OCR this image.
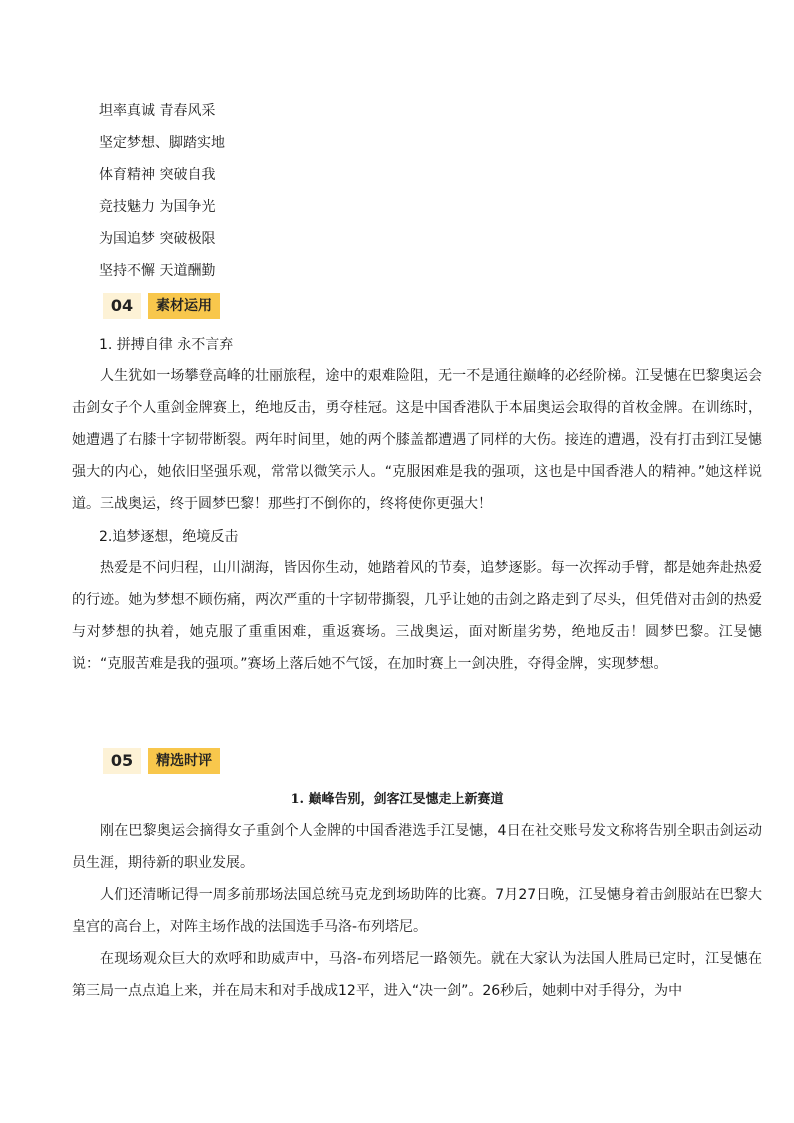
坦率真诚 青春风采
坚定梦想、脚踏实地
体育精神 突破自我
竞技魅力 为国争光
为国追梦 突破极限
坚持不懈 天道酬勤
04	素材运用
1. 拼搏自律 永不言弃

人生犹如一场攀登高峰的壮丽旅程，途中的艰难险阻，无一不是通往巅峰的必经阶梯。江旻憓在巴黎奥运会击剑女子个人重剑金牌赛上，绝地反击，勇夺桂冠。这是中国香港队于本届奥运会取得的首枚金牌。在训练时，她遭遇了右膝十字韧带断裂。两年时间里，她的两个膝盖都遭遇了同样的大伤。接连的遭遇，没有打击到江旻憓强大的内心，她依旧坚强乐观，常常以微笑示人。“克服困难是我的强项，这也是中国香港人的精神。”她这样说道。三战奥运，终于圆梦巴黎！那些打不倒你的，终将使你更强大！

2.追梦逐想，绝境反击

热爱是不问归程，山川湖海，皆因你生动，她踏着风的节奏，追梦逐影。每一次挥动手臂，都是她奔赴热爱的行迹。她为梦想不顾伤痛，两次严重的十字韧带撕裂，几乎让她的击剑之路走到了尽头，但凭借对击剑的热爱与对梦想的执着，她克服了重重困难，重返赛场。三战奥运，面对断崖劣势，绝地反击！圆梦巴黎。江旻憓说：“克服苦难是我的强项。”赛场上落后她不气馁，在加时赛上一剑决胜，夺得金牌，实现梦想。

05	精选时评
1. 巅峰告别，剑客江旻憓走上新赛道

刚在巴黎奥运会摘得女子重剑个人金牌的中国香港选手江旻憓，4日在社交账号发文称将告别全职击剑运动员生涯，期待新的职业发展。

人们还清晰记得一周多前那场法国总统马克龙到场助阵的比赛。7月27日晚，江旻憓身着击剑服站在巴黎大皇宫的高台上，对阵主场作战的法国选手马洛-布列塔尼。

在现场观众巨大的欢呼和助威声中，马洛-布列塔尼一路领先。就在大家认为法国人胜局已定时，江旻憓在第三局一点点追上来，并在局末和对手战成12平，进入“决一剑”。26秒后，她刺中对手得分，为中
